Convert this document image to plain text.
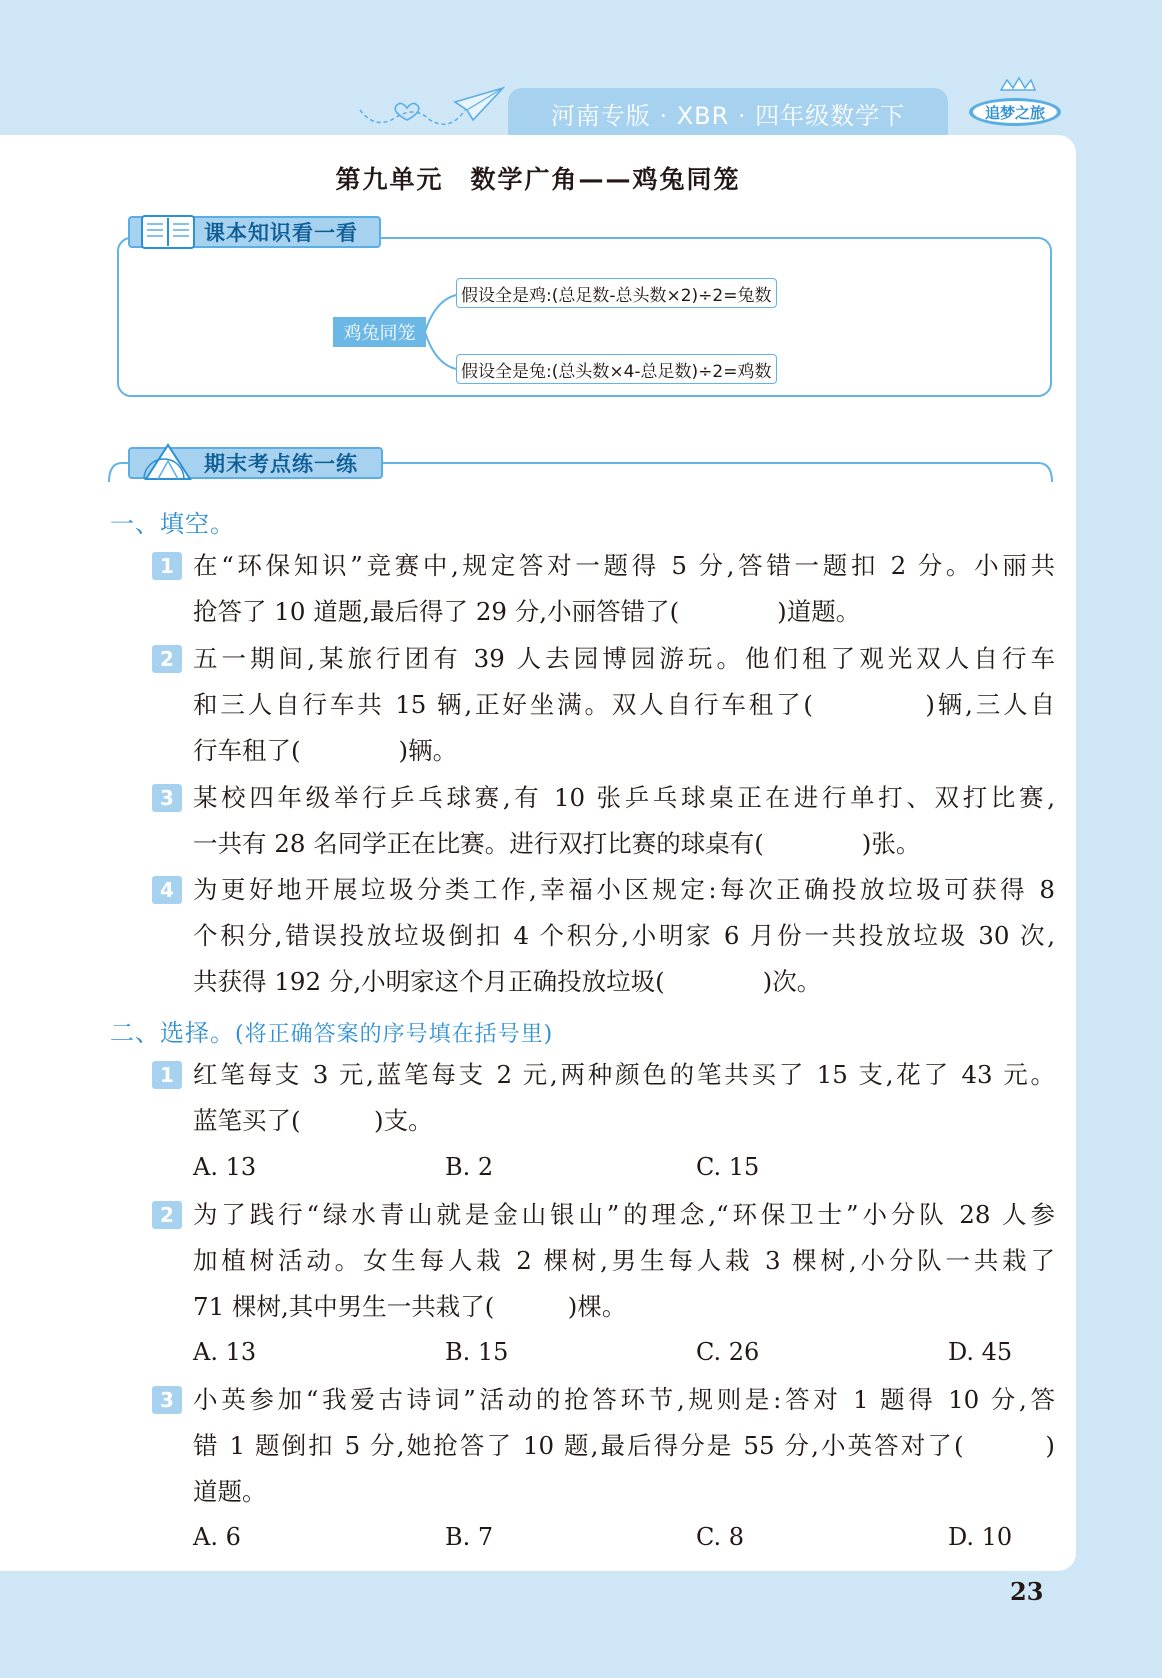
河南专版 · XBR · 四年级数学下	追梦之旅
第九单元　数学广角——鸡兔同笼
课本知识看一看
鸡兔同笼
假设全是鸡:(总足数-总头数×2)÷2=兔数
假设全是兔:(总头数×4-总足数)÷2=鸡数
期末考点练一练
一、填空。
1 在“环保知识”竞赛中,规定答对一题得 5 分,答错一题扣 2 分。小丽共
抢答了 10 道题,最后得了 29 分,小丽答错了(　　　　)道题。
2 五一期间,某旅行团有 39 人去园博园游玩。他们租了观光双人自行车
和三人自行车共 15 辆,正好坐满。双人自行车租了(　　　　)辆,三人自
行车租了(　　　　)辆。
3 某校四年级举行乒乓球赛,有 10 张乒乓球桌正在进行单打、双打比赛,
一共有 28 名同学正在比赛。进行双打比赛的球桌有(　　　　)张。
4 为更好地开展垃圾分类工作,幸福小区规定:每次正确投放垃圾可获得 8
个积分,错误投放垃圾倒扣 4 个积分,小明家 6 月份一共投放垃圾 30 次,
共获得 192 分,小明家这个月正确投放垃圾(　　　　)次。
二、选择。(将正确答案的序号填在括号里)
1 红笔每支 3 元,蓝笔每支 2 元,两种颜色的笔共买了 15 支,花了 43 元。
蓝笔买了(　　　)支。
A. 13	B. 2	C. 15
2 为了践行“绿水青山就是金山银山”的理念,“环保卫士”小分队 28 人参
加植树活动。女生每人栽 2 棵树,男生每人栽 3 棵树,小分队一共栽了
71 棵树,其中男生一共栽了(　　　)棵。
A. 13	B. 15	C. 26	D. 45
3 小英参加“我爱古诗词”活动的抢答环节,规则是:答对 1 题得 10 分,答
错 1 题倒扣 5 分,她抢答了 10 题,最后得分是 55 分,小英答对了(　　　)
道题。
A. 6	B. 7	C. 8	D. 10
23
